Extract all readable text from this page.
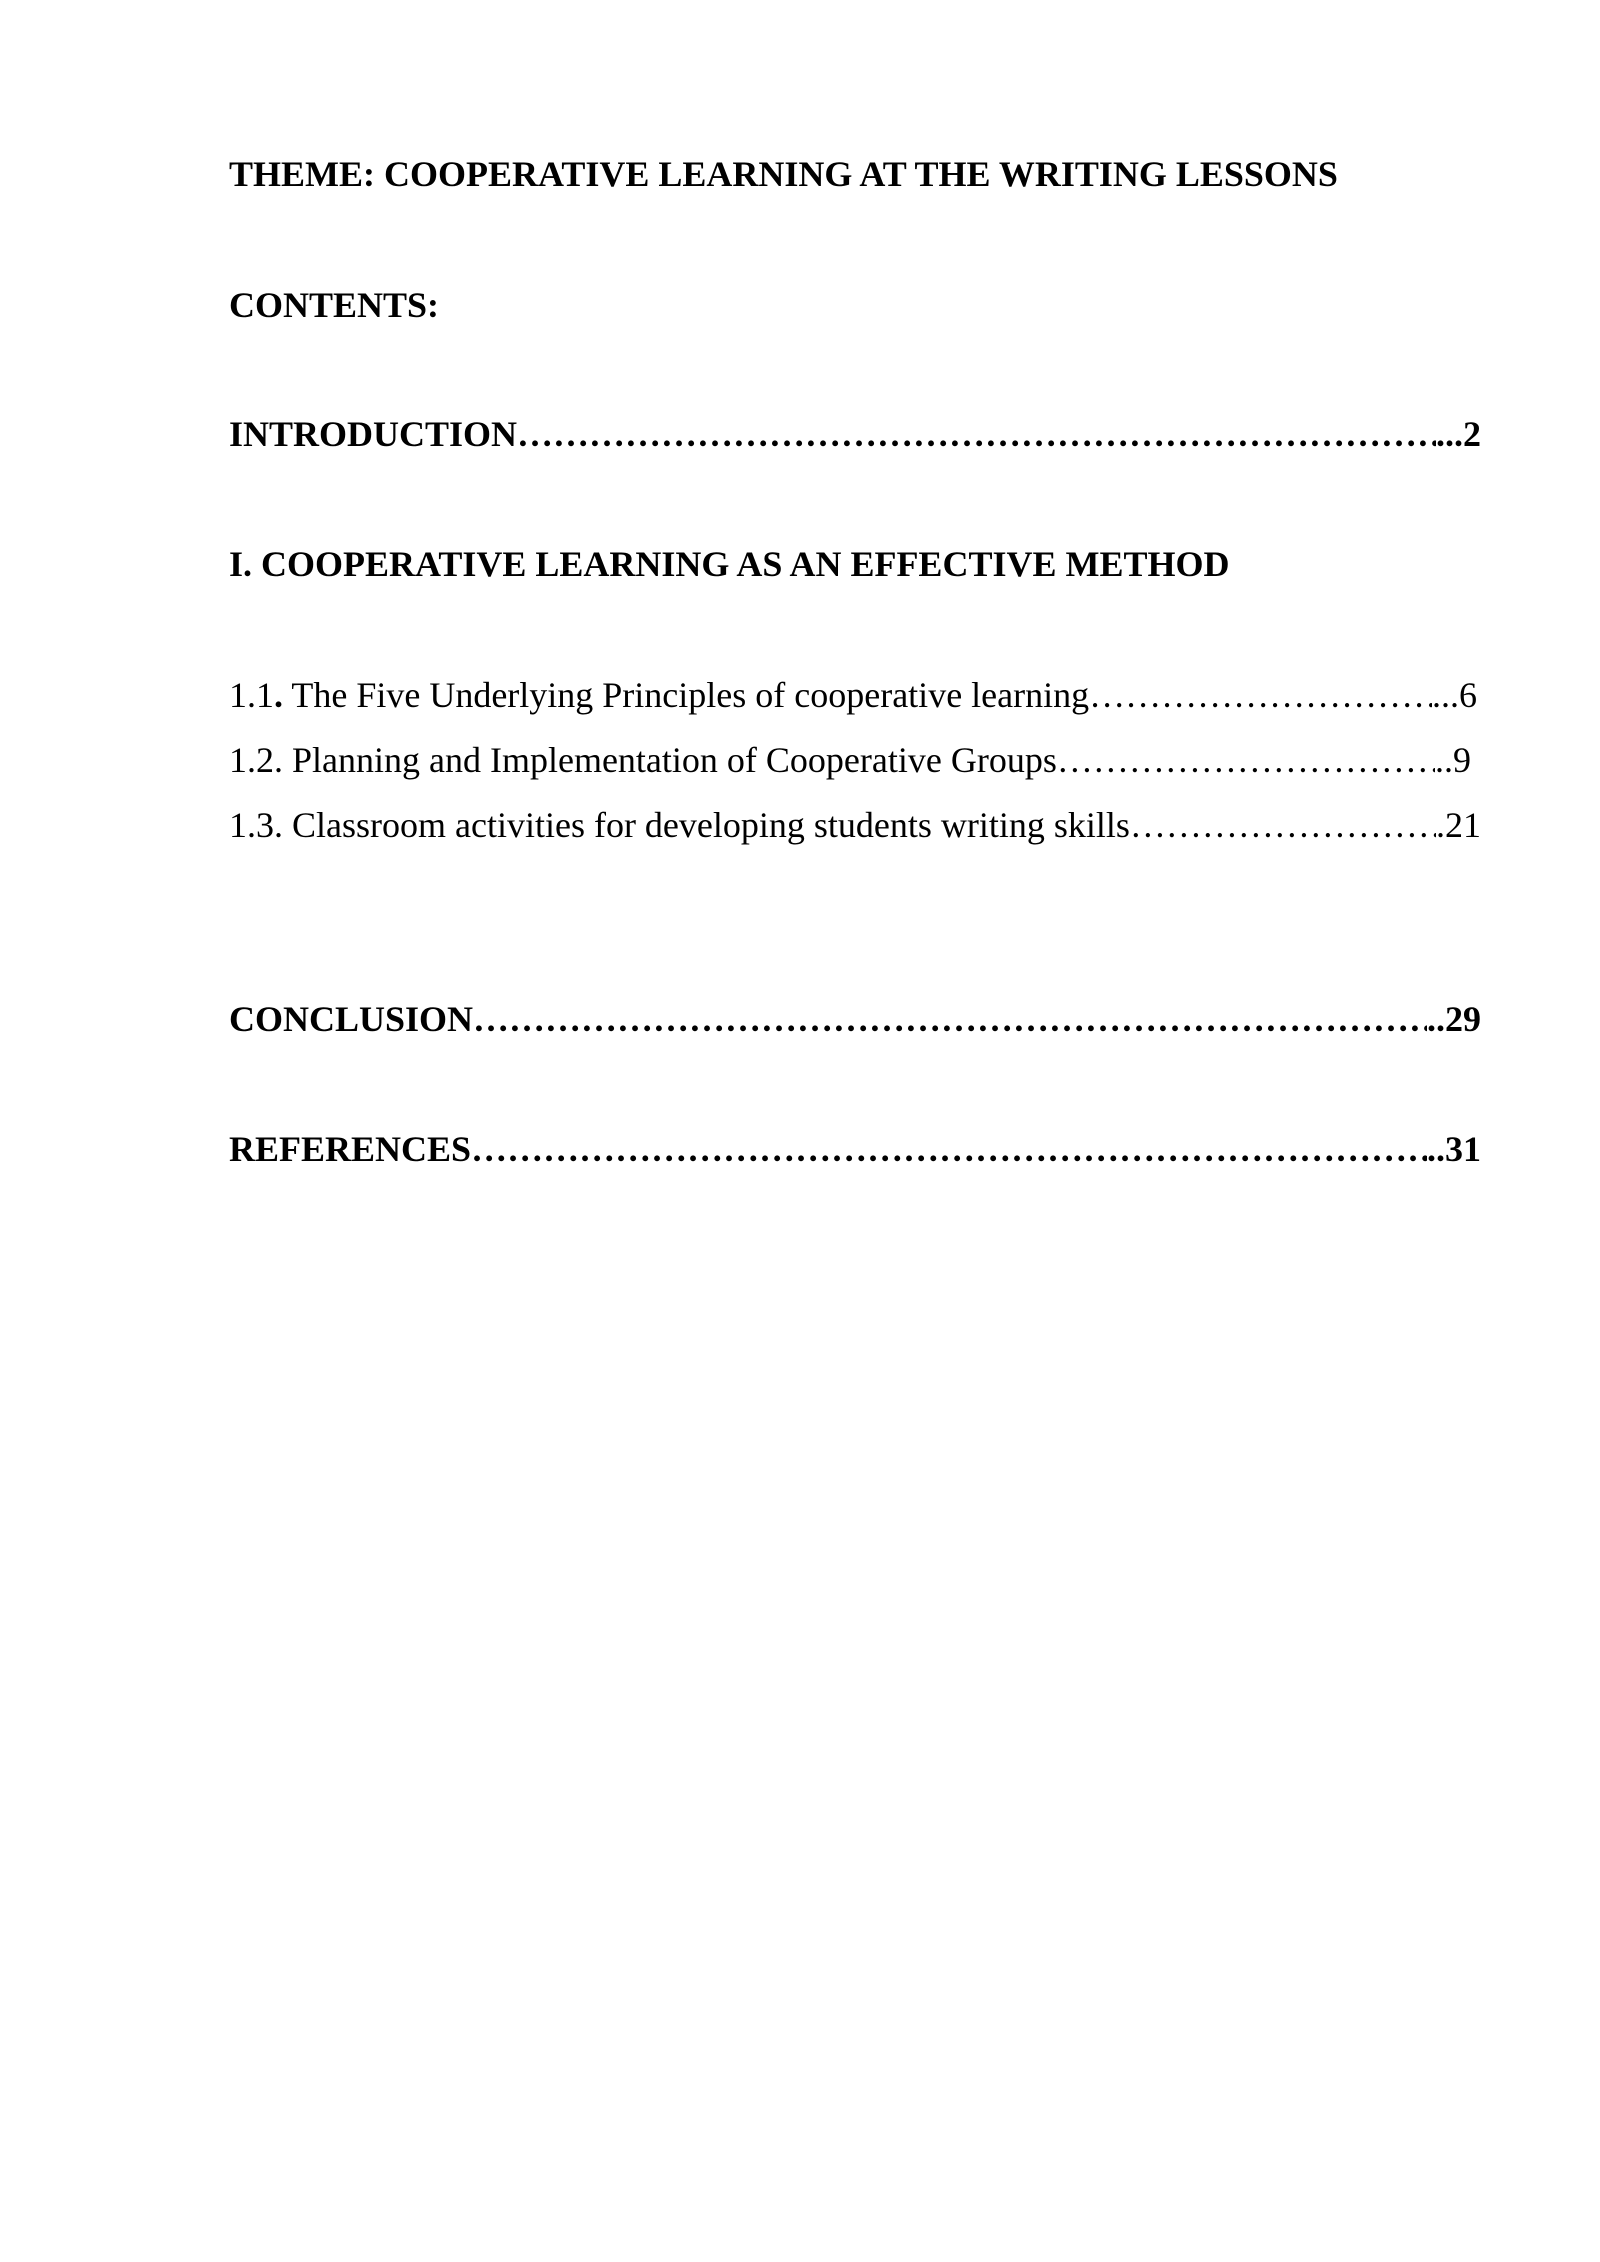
THEME: COOPERATIVE LEARNING AT THE WRITING LESSONS
CONTENTS:
INTRODUCTION …………………………………………………………………………………………………………………………………………………………………	...2
I. COOPERATIVE LEARNING AS AN EFFECTIVE METHOD
1.1. The Five Underlying Principles of cooperative learning …………………………………………………………………………………………………………………………………………………………………	...6
1.2. Planning and Implementation of Cooperative Groups …………………………………………………………………………………………………………………………………………………………………	..9
1.3. Classroom activities for developing students writing skills …………………………………………………………………………………………………………………………………………………………………	.21
CONCLUSION …………………………………………………………………………………………………………………………………………………………………	..29
REFERENCES …………………………………………………………………………………………………………………………………………………………………	..31
